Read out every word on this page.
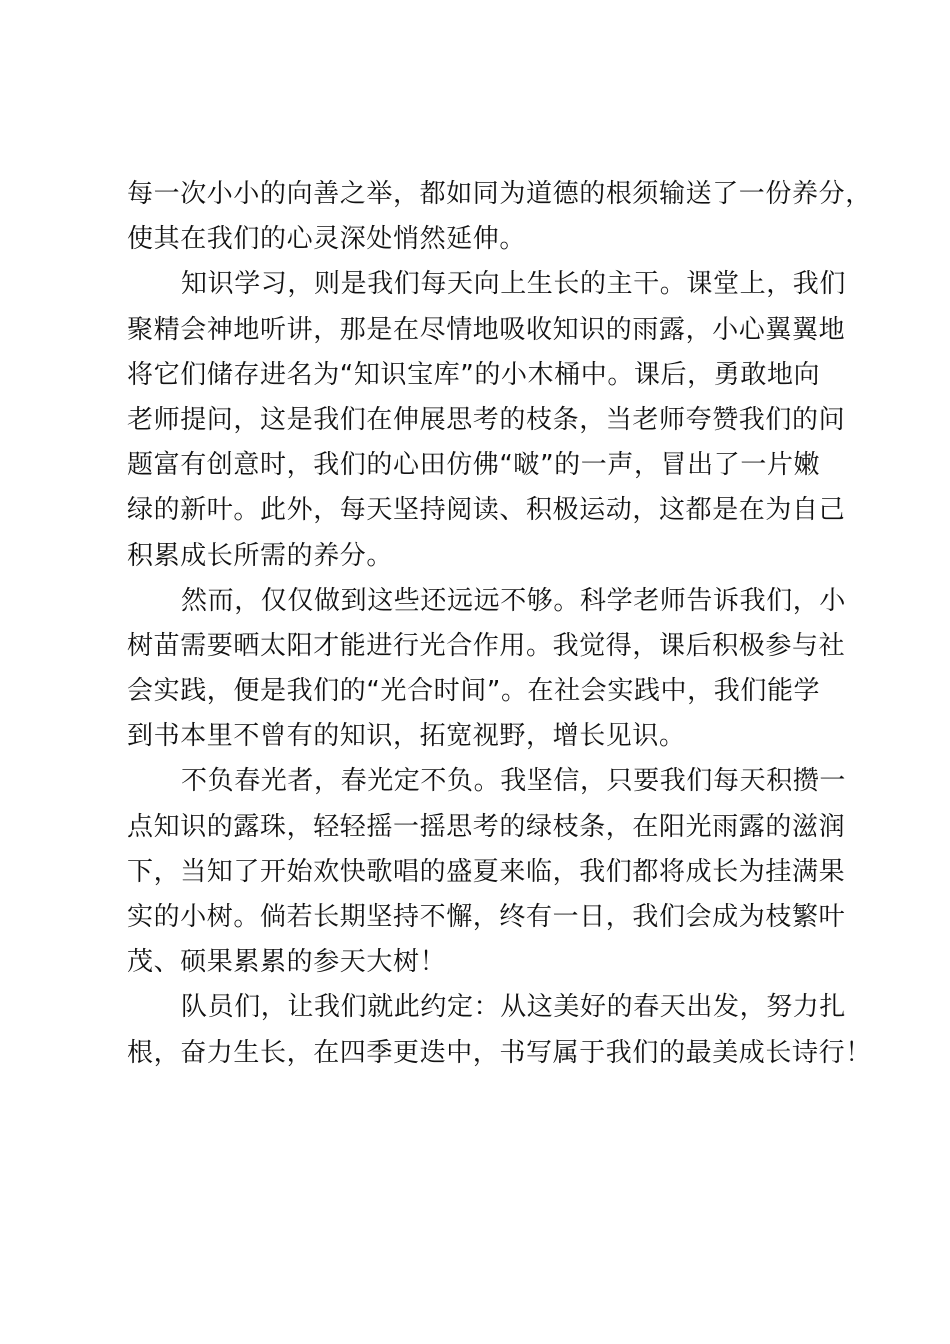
每一次小小的向善之举，都如同为道德的根须输送了一份养分，
使其在我们的心灵深处悄然延伸。
知识学习，则是我们每天向上生长的主干。课堂上，我们
聚精会神地听讲，那是在尽情地吸收知识的雨露，小心翼翼地
将它们储存进名为“知识宝库”的小木桶中。课后，勇敢地向
老师提问，这是我们在伸展思考的枝条，当老师夸赞我们的问
题富有创意时，我们的心田仿佛“啵”的一声，冒出了一片嫩
绿的新叶。此外，每天坚持阅读、积极运动，这都是在为自己
积累成长所需的养分。
然而，仅仅做到这些还远远不够。科学老师告诉我们，小
树苗需要晒太阳才能进行光合作用。我觉得，课后积极参与社
会实践，便是我们的“光合时间”。在社会实践中，我们能学
到书本里不曾有的知识，拓宽视野，增长见识。
不负春光者，春光定不负。我坚信，只要我们每天积攒一
点知识的露珠，轻轻摇一摇思考的绿枝条，在阳光雨露的滋润
下，当知了开始欢快歌唱的盛夏来临，我们都将成长为挂满果
实的小树。倘若长期坚持不懈，终有一日，我们会成为枝繁叶
茂、硕果累累的参天大树！
队员们，让我们就此约定：从这美好的春天出发，努力扎
根，奋力生长，在四季更迭中，书写属于我们的最美成长诗行！
